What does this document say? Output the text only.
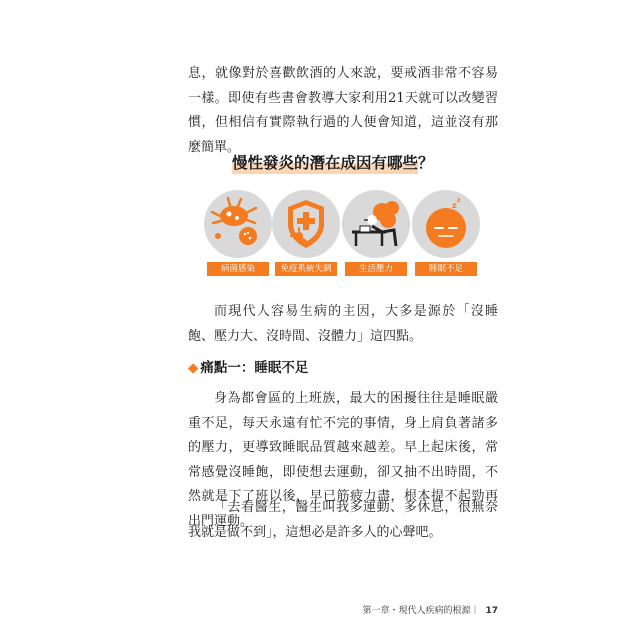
息，就像對於喜歡飲酒的人來說，要戒酒非常不容易一樣。即使有些書會教導大家利用21天就可以改變習慣，但相信有實際執行過的人便會知道，這並沒有那麼簡單。

慢性發炎的潛在成因有哪些？
病菌感染	免疫系統失調	生活壓力
z
z
睡眠不足

而現代人容易生病的主因，大多是源於「沒睡飽、壓力大、沒時間、沒體力」這四點。

◆ 痛點一：睡眠不足

身為都會區的上班族，最大的困擾往往是睡眠嚴重不足，每天永遠有忙不完的事情，身上肩負著諸多的壓力，更導致睡眠品質越來越差。早上起床後，常常感覺沒睡飽，即使想去運動，卻又抽不出時間，不然就是下了班以後，早已筋疲力盡，根本提不起勁再出門運動。

「去看醫生，醫生叫我多運動、多休息，很無奈我就是做不到」，這想必是許多人的心聲吧。

第一章・現代人疾病的根源｜ 17
